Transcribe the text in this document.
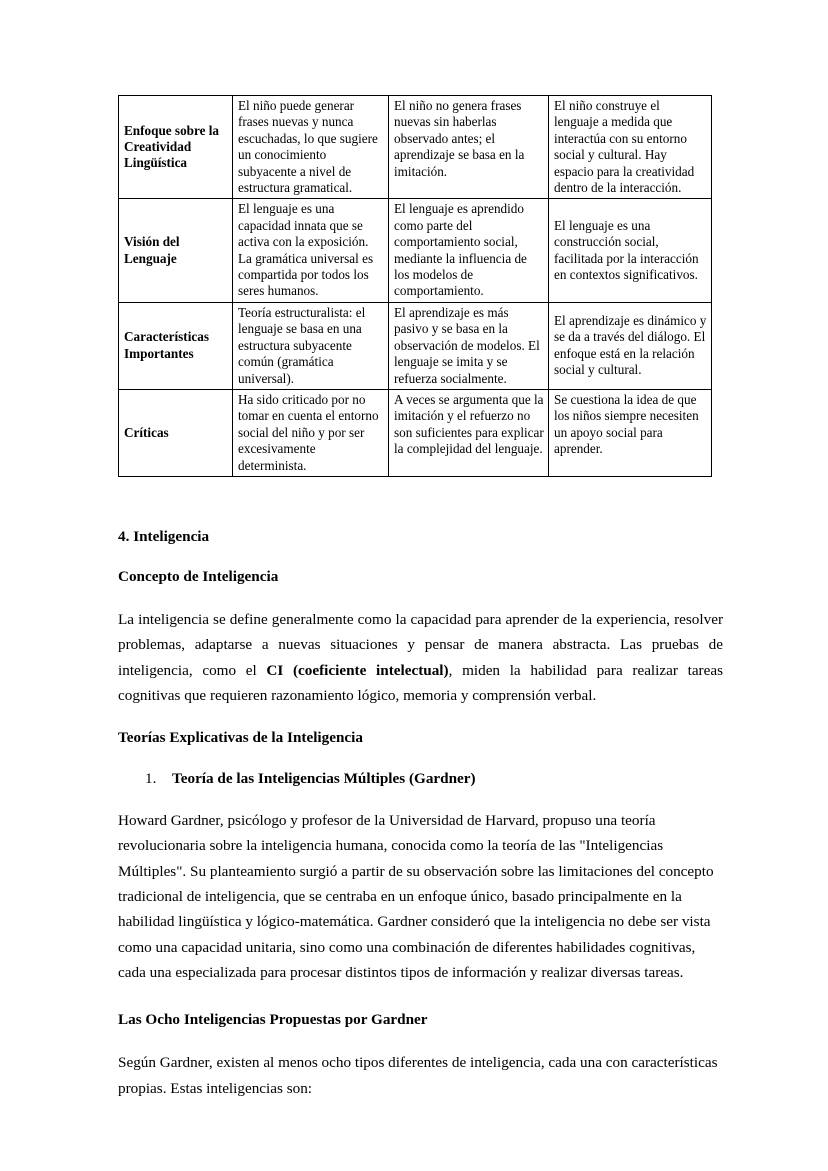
Enfoque sobre la Creatividad Lingüística	El niño puede generar frases nuevas y nunca escuchadas, lo que sugiere un conocimiento subyacente a nivel de estructura gramatical.	El niño no genera frases nuevas sin haberlas observado antes; el aprendizaje se basa en la imitación.	El niño construye el lenguaje a medida que interactúa con su entorno social y cultural. Hay espacio para la creatividad dentro de la interacción.
Visión del Lenguaje	El lenguaje es una capacidad innata que se activa con la exposición. La gramática universal es compartida por todos los seres humanos.	El lenguaje es aprendido como parte del comportamiento social, mediante la influencia de los modelos de comportamiento.	El lenguaje es una construcción social, facilitada por la interacción en contextos significativos.
Características Importantes	Teoría estructuralista: el lenguaje se basa en una estructura subyacente común (gramática universal).	El aprendizaje es más pasivo y se basa en la observación de modelos. El lenguaje se imita y se refuerza socialmente.	El aprendizaje es dinámico y se da a través del diálogo. El enfoque está en la relación social y cultural.
Críticas	Ha sido criticado por no tomar en cuenta el entorno social del niño y por ser excesivamente determinista.	A veces se argumenta que la imitación y el refuerzo no son suficientes para explicar la complejidad del lenguaje.	Se cuestiona la idea de que los niños siempre necesiten un apoyo social para aprender.
4. Inteligencia
Concepto de Inteligencia

La inteligencia se define generalmente como la capacidad para aprender de la experiencia, resolver problemas, adaptarse a nuevas situaciones y pensar de manera abstracta. Las pruebas de inteligencia, como el CI (coeficiente intelectual), miden la habilidad para realizar tareas cognitivas que requieren razonamiento lógico, memoria y comprensión verbal.

Teorías Explicativas de la Inteligencia
1.	Teoría de las Inteligencias Múltiples (Gardner)

Howard Gardner, psicólogo y profesor de la Universidad de Harvard, propuso una teoría revolucionaria sobre la inteligencia humana, conocida como la teoría de las "Inteligencias Múltiples". Su planteamiento surgió a partir de su observación sobre las limitaciones del concepto tradicional de inteligencia, que se centraba en un enfoque único, basado principalmente en la habilidad lingüística y lógico-matemática. Gardner consideró que la inteligencia no debe ser vista como una capacidad unitaria, sino como una combinación de diferentes habilidades cognitivas, cada una especializada para procesar distintos tipos de información y realizar diversas tareas.

Las Ocho Inteligencias Propuestas por Gardner

Según Gardner, existen al menos ocho tipos diferentes de inteligencia, cada una con características propias. Estas inteligencias son:
